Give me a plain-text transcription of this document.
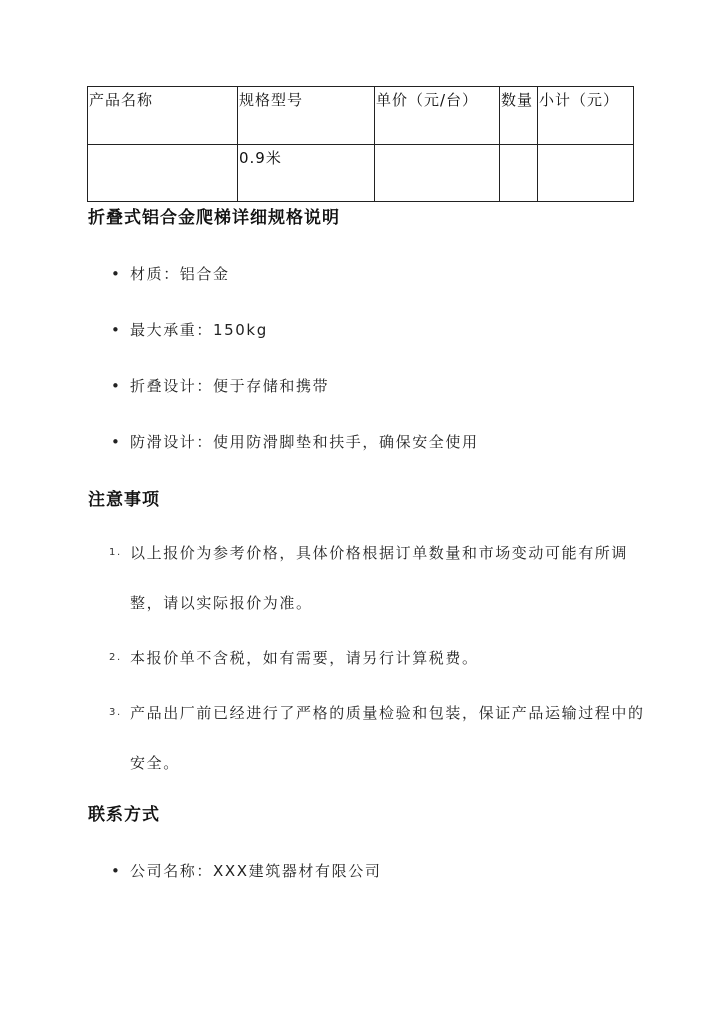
产品名称	规格型号	单价（元/台）	数量	小计（元）
	0.9米			
折叠式铝合金爬梯详细规格说明
• 材质：铝合金
• 最大承重：150kg
• 折叠设计：便于存储和携带
• 防滑设计：使用防滑脚垫和扶手，确保安全使用
注意事项
1. 以上报价为参考价格，具体价格根据订单数量和市场变动可能有所调整，请以实际报价为准。
2. 本报价单不含税，如有需要，请另行计算税费。
3. 产品出厂前已经进行了严格的质量检验和包装，保证产品运输过程中的安全。
联系方式
• 公司名称：XXX建筑器材有限公司
